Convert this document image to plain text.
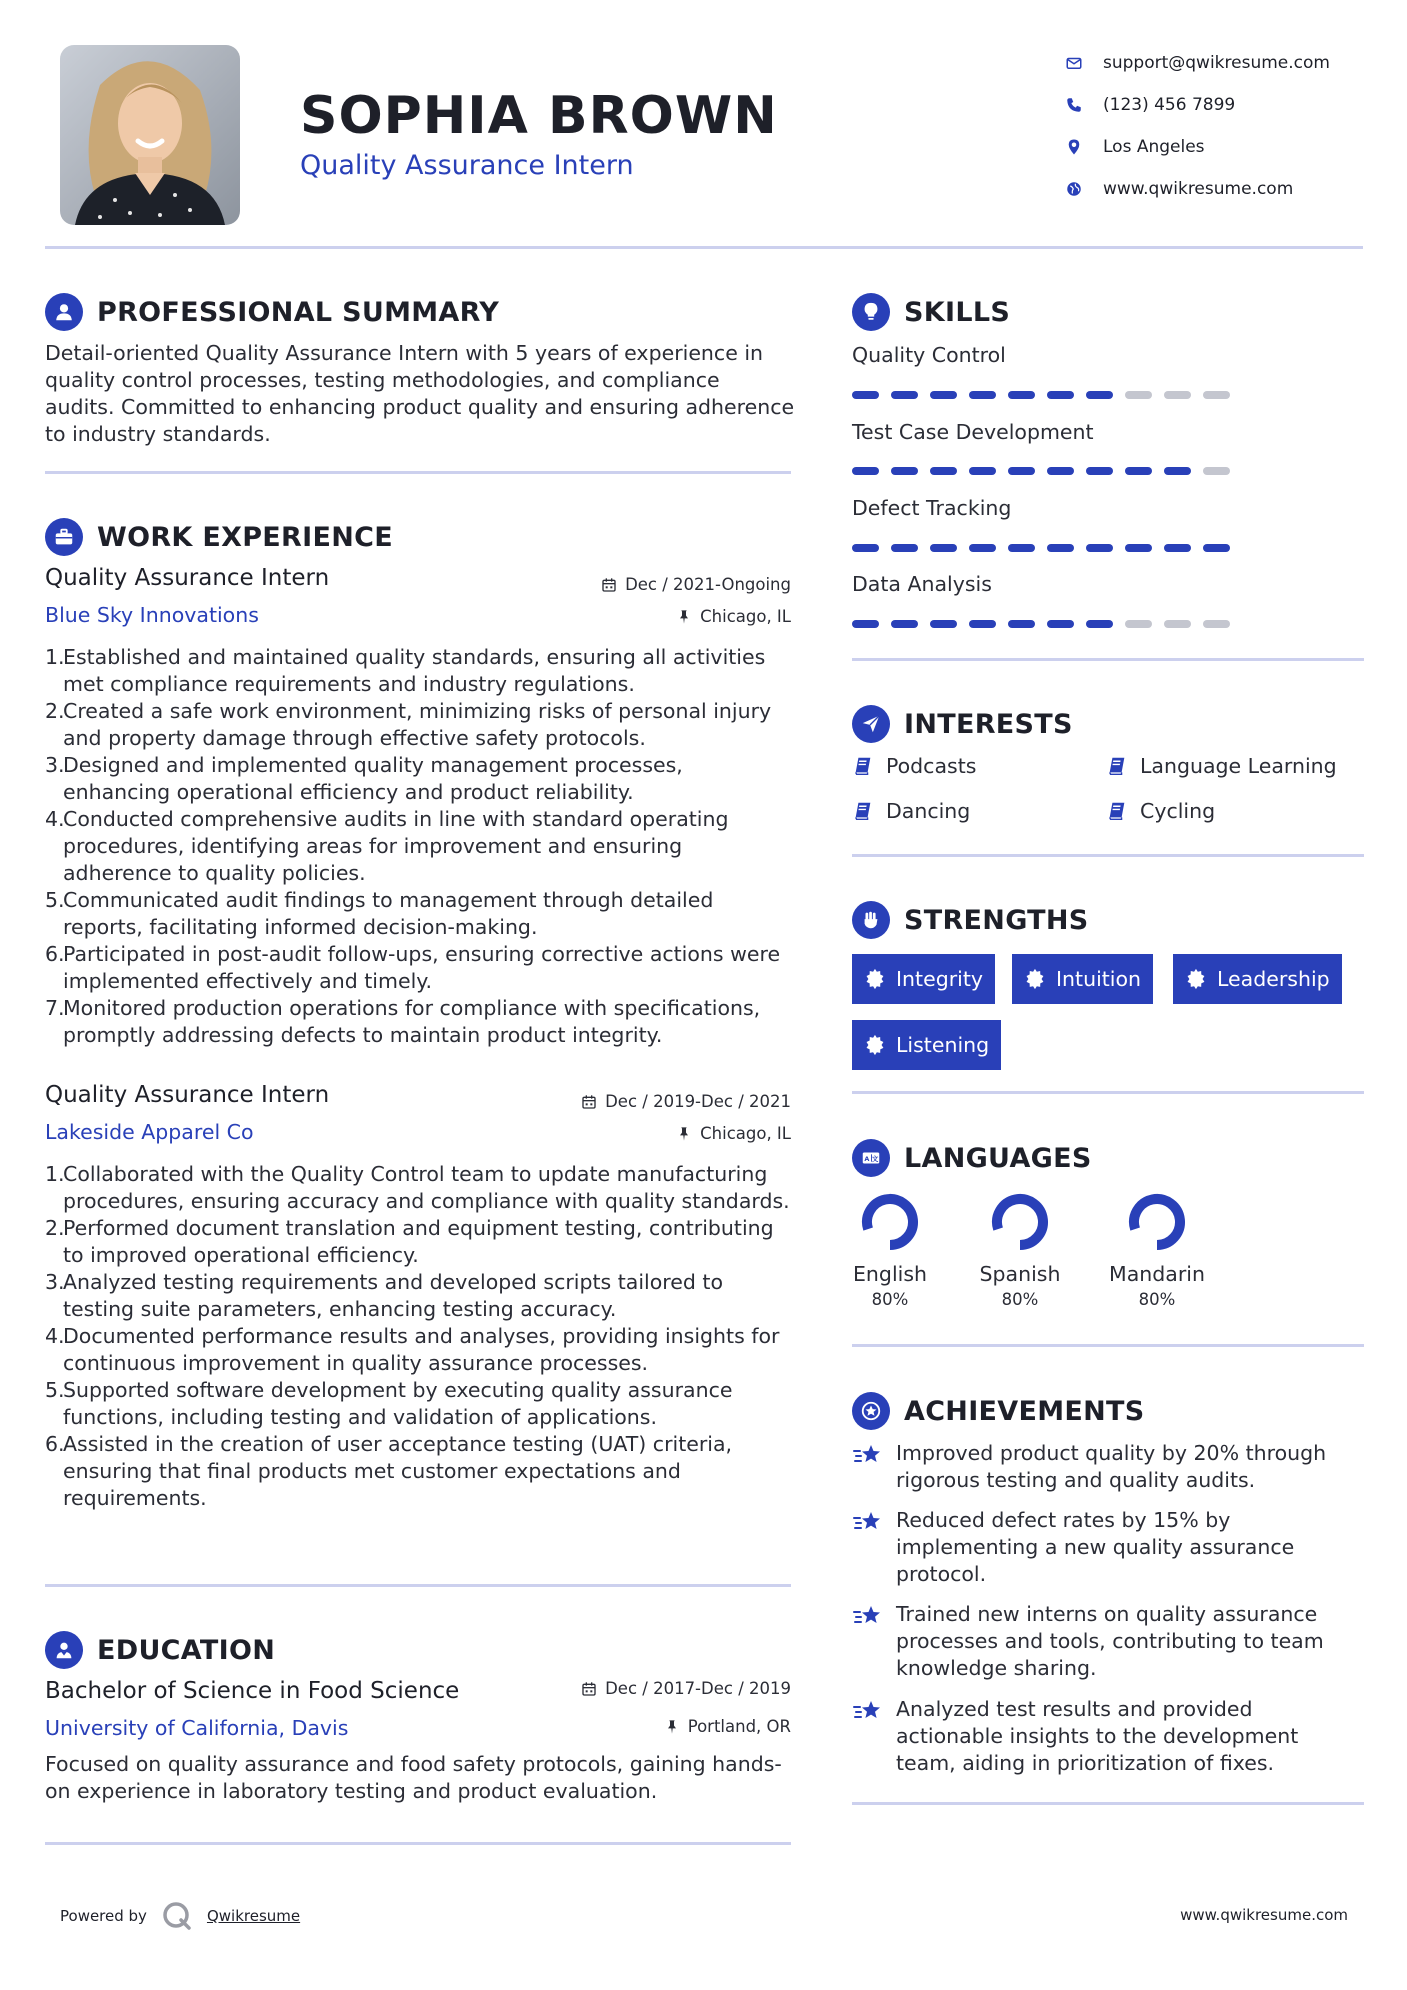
SOPHIA BROWN
Quality Assurance Intern
support@qwikresume.com
(123) 456 7899
Los Angeles
www.qwikresume.com
PROFESSIONAL SUMMARY
Detail-oriented Quality Assurance Intern with 5 years of experience in quality control processes, testing methodologies, and compliance audits. Committed to enhancing product quality and ensuring adherence to industry standards.
WORK EXPERIENCE
Quality Assurance Intern	Dec / 2021-Ongoing
Blue Sky Innovations	Chicago, IL
1.
Established and maintained quality standards, ensuring all activities met compliance requirements and industry regulations.
2.
Created a safe work environment, minimizing risks of personal injury and property damage through effective safety protocols.
3.
Designed and implemented quality management processes, enhancing operational efficiency and product reliability.
4.
Conducted comprehensive audits in line with standard operating procedures, identifying areas for improvement and ensuring adherence to quality policies.
5.
Communicated audit findings to management through detailed reports, facilitating informed decision-making.
6.
Participated in post-audit follow-ups, ensuring corrective actions were implemented effectively and timely.
7.
Monitored production operations for compliance with specifications, promptly addressing defects to maintain product integrity.
Quality Assurance Intern	Dec / 2019-Dec / 2021
Lakeside Apparel Co	Chicago, IL
1.
Collaborated with the Quality Control team to update manufacturing procedures, ensuring accuracy and compliance with quality standards.
2.
Performed document translation and equipment testing, contributing to improved operational efficiency.
3.
Analyzed testing requirements and developed scripts tailored to testing suite parameters, enhancing testing accuracy.
4.
Documented performance results and analyses, providing insights for continuous improvement in quality assurance processes.
5.
Supported software development by executing quality assurance functions, including testing and validation of applications.
6.
Assisted in the creation of user acceptance testing (UAT) criteria, ensuring that final products met customer expectations and requirements.
EDUCATION
Bachelor of Science in Food Science	Dec / 2017-Dec / 2019
University of California, Davis	Portland, OR
Focused on quality assurance and food safety protocols, gaining hands-on experience in laboratory testing and product evaluation.
SKILLS
Quality Control
Test Case Development
Defect Tracking
Data Analysis
INTERESTS
Podcasts	Language Learning
Dancing	Cycling
STRENGTHS
Integrity	Intuition	Leadership
Listening
A 文 LANGUAGES
English
80%
Spanish
80%
Mandarin
80%
ACHIEVEMENTS
Improved product quality by 20% through rigorous testing and quality audits.
Reduced defect rates by 15% by implementing a new quality assurance protocol.
Trained new interns on quality assurance processes and tools, contributing to team knowledge sharing.
Analyzed test results and provided actionable insights to the development team, aiding in prioritization of fixes.
Powered by	Qwikresume	www.qwikresume.com
